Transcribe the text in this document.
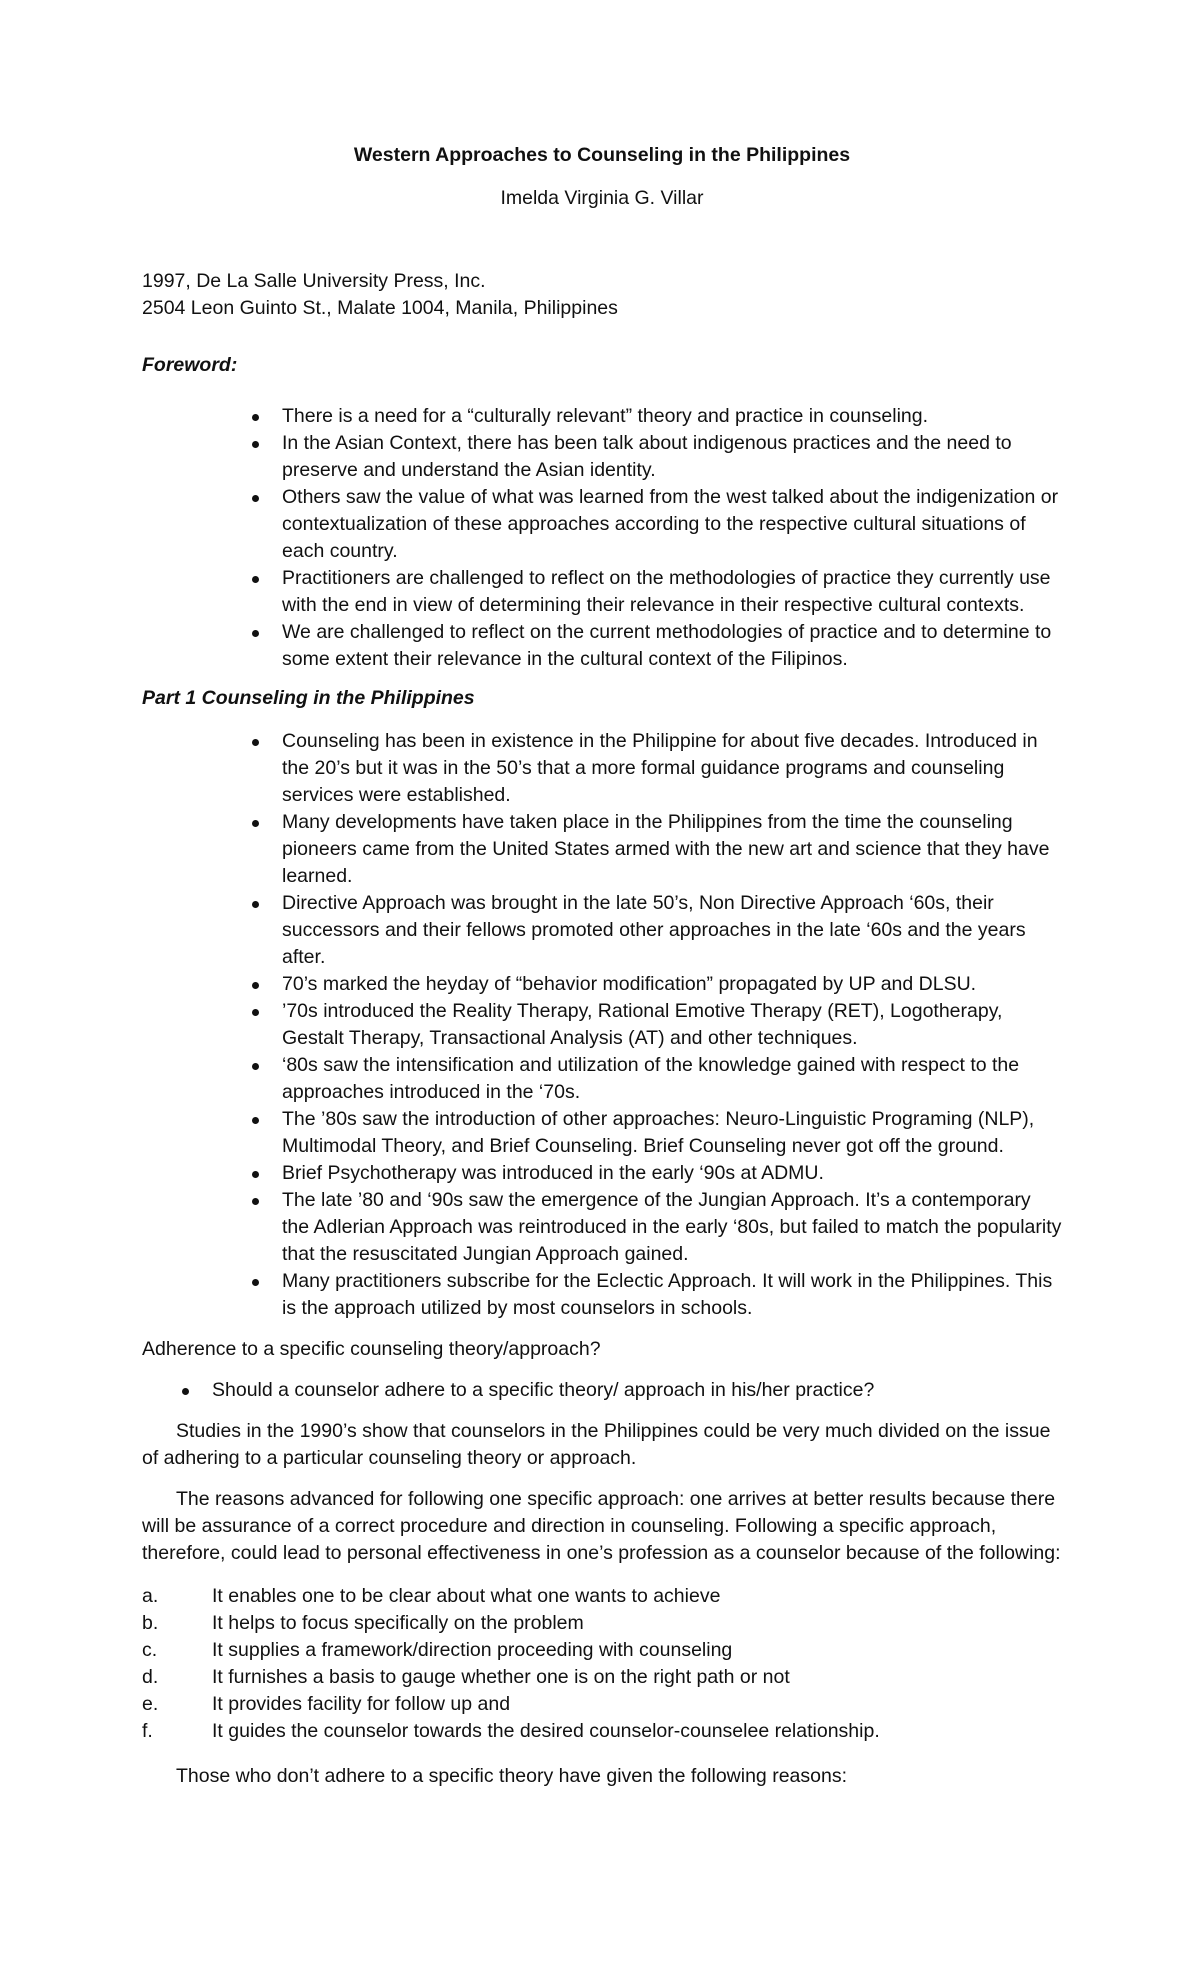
Western Approaches to Counseling in the Philippines

Imelda Virginia G. Villar

1997, De La Salle University Press, Inc.
2504 Leon Guinto St., Malate 1004, Manila, Philippines

Foreword:

There is a need for a “culturally relevant” theory and practice in counseling.
In the Asian Context, there has been talk about indigenous practices and the need to preserve and understand the Asian identity.
Others saw the value of what was learned from the west talked about the indigenization or contextualization of these approaches according to the respective cultural situations of each country.
Practitioners are challenged to reflect on the methodologies of practice they currently use with the end in view of determining their relevance in their respective cultural contexts.
We are challenged to reflect on the current methodologies of practice and to determine to some extent their relevance in the cultural context of the Filipinos.

Part 1 Counseling in the Philippines

Counseling has been in existence in the Philippine for about five decades. Introduced in the 20’s but it was in the 50’s that a more formal guidance programs and counseling services were established.
Many developments have taken place in the Philippines from the time the counseling pioneers came from the United States armed with the new art and science that they have learned.
Directive Approach was brought in the late 50’s, Non Directive Approach ‘60s, their successors and their fellows promoted other approaches in the late ‘60s and the years after.
70’s marked the heyday of “behavior modification” propagated by UP and DLSU.
’70s introduced the Reality Therapy, Rational Emotive Therapy (RET), Logotherapy, Gestalt Therapy, Transactional Analysis (AT) and other techniques.
‘80s saw the intensification and utilization of the knowledge gained with respect to the approaches introduced in the ‘70s.
The ’80s saw the introduction of other approaches: Neuro-Linguistic Programing (NLP), Multimodal Theory, and Brief Counseling. Brief Counseling never got off the ground.
Brief Psychotherapy was introduced in the early ‘90s at ADMU.
The late ’80 and ‘90s saw the emergence of the Jungian Approach. It’s a contemporary the Adlerian Approach was reintroduced in the early ‘80s, but failed to match the popularity that the resuscitated Jungian Approach gained.
Many practitioners subscribe for the Eclectic Approach. It will work in the Philippines. This is the approach utilized by most counselors in schools.

Adherence to a specific counseling theory/approach?

Should a counselor adhere to a specific theory/ approach in his/her practice?

Studies in the 1990’s show that counselors in the Philippines could be very much divided on the issue of adhering to a particular counseling theory or approach.

The reasons advanced for following one specific approach: one arrives at better results because there will be assurance of a correct procedure and direction in counseling. Following a specific approach, therefore, could lead to personal effectiveness in one’s profession as a counselor because of the following:

a.	It enables one to be clear about what one wants to achieve
b.	It helps to focus specifically on the problem
c.	It supplies a framework/direction proceeding with counseling
d.	It furnishes a basis to gauge whether one is on the right path or not
e.	It provides facility for follow up and
f.	It guides the counselor towards the desired counselor-counselee relationship.

Those who don’t adhere to a specific theory have given the following reasons:
